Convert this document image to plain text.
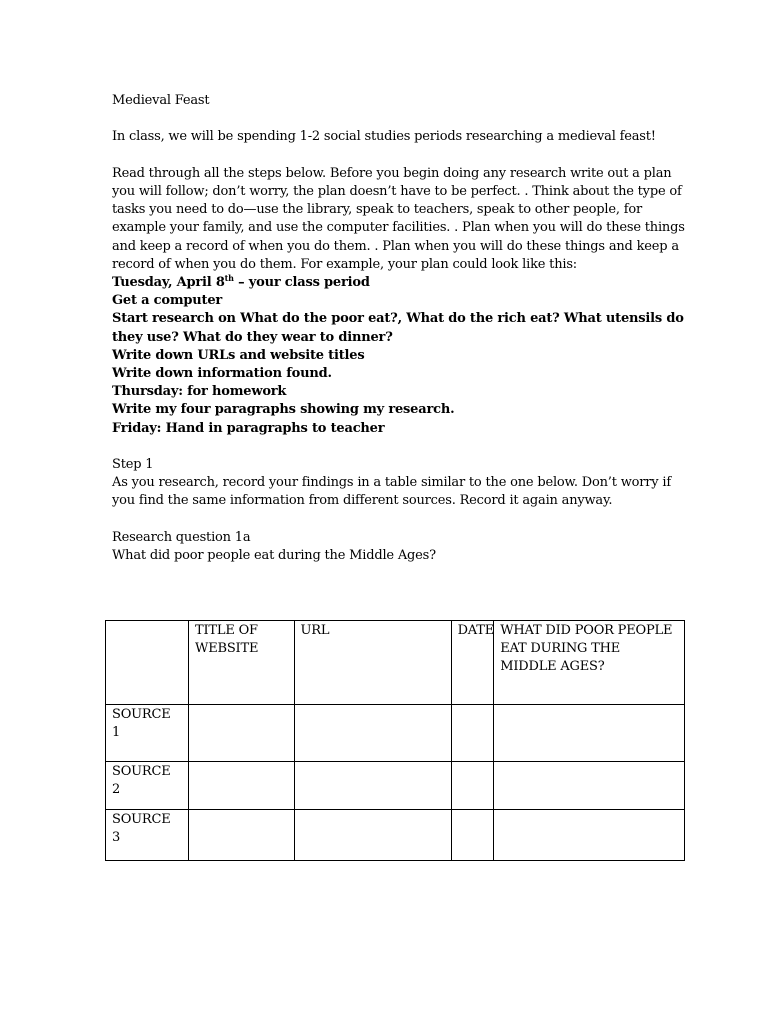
Medieval Feast

In class, we will be spending 1-2 social studies periods researching a medieval feast!

Read through all the steps below. Before you begin doing any research write out a plan you will follow; don’t worry, the plan doesn’t have to be perfect. . Think about the type of tasks you need to do—use the library, speak to teachers, speak to other people, for example your family, and use the computer facilities. . Plan when you will do these things and keep a record of when you do them. . Plan when you will do these things and keep a record of when you do them. For example, your plan could look like this:

Tuesday, April 8th – your class period
Get a computer
Start research on What do the poor eat?, What do the rich eat? What utensils do they use? What do they wear to dinner?
Write down URLs and website titles
Write down information found.
Thursday: for homework
Write my four paragraphs showing my research.
Friday: Hand in paragraphs to teacher

Step 1

As you research, record your findings in a table similar to the one below. Don’t worry if you find the same information from different sources. Record it again anyway.

Research question 1a

What did poor people eat during the Middle Ages?

	TITLE OF WEBSITE	URL	DATE	WHAT DID POOR PEOPLE EAT DURING THE MIDDLE AGES?
SOURCE 1				
SOURCE 2				
SOURCE 3				
